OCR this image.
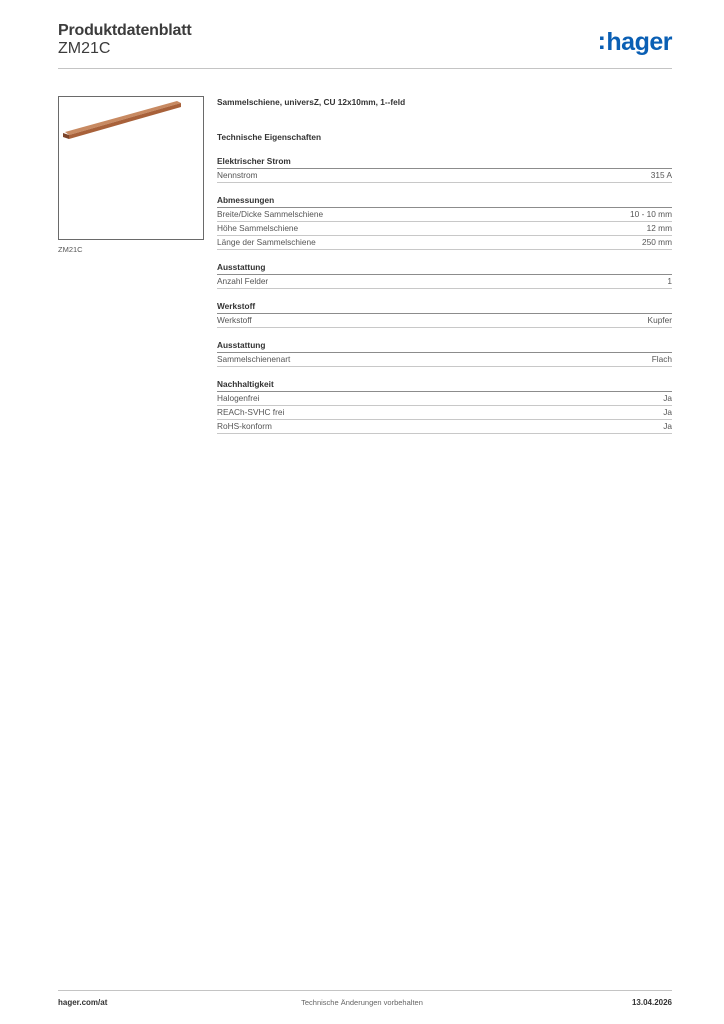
Produktdatenblatt
ZM21C	:hager
ZM21C
Sammelschiene, universZ, CU 12x10mm, 1--feld
Technische Eigenschaften
Elektrischer Strom
Nennstrom	315 A
Abmessungen
Breite/Dicke Sammelschiene	10 - 10 mm
Höhe Sammelschiene	12 mm
Länge der Sammelschiene	250 mm
Ausstattung
Anzahl Felder	1
Werkstoff
Werkstoff	Kupfer
Ausstattung
Sammelschienenart	Flach
Nachhaltigkeit
Halogenfrei	Ja
REACh-SVHC frei	Ja
RoHS-konform	Ja
hager.com/at	Technische Änderungen vorbehalten	13.04.2026
